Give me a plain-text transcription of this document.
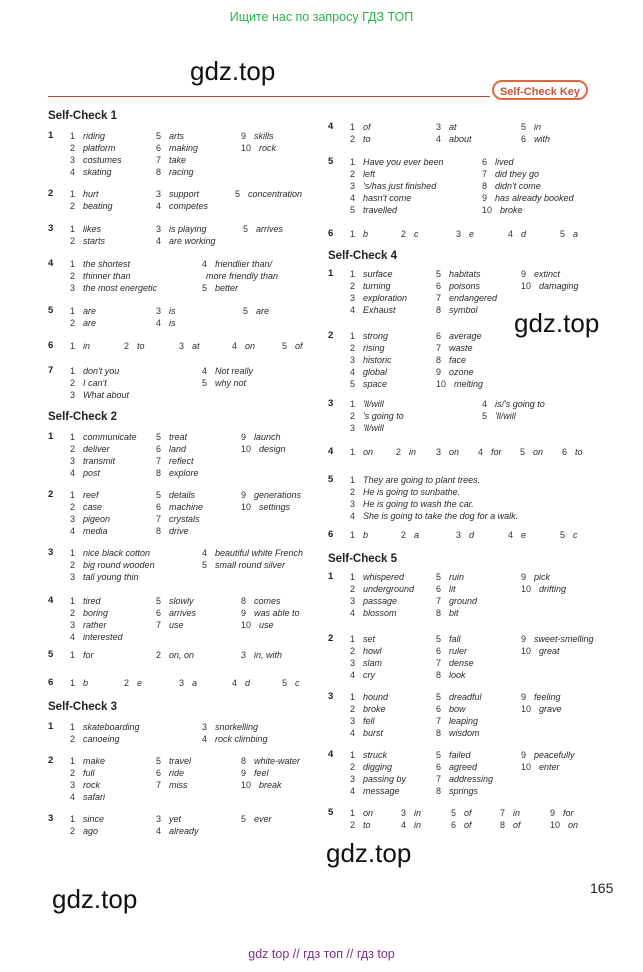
Ищите нас по запросу ГДЗ ТОП
gdz.top
gdz.top
gdz.top
gdz.top
Self-Check Key
Self-Check 1
1 1 riding	5 arts	9 skills
2 platform	6 making	10 rock
3 costumes	7 take
4 skating	8 racing
2 1 hurt	3 support	5 concentration
2 beating	4 competes
3 1 likes	3 is playing	5 arrives
2 starts	4 are working
4 1 the shortest	4 friendlier than/
2 thinner than	more friendly than
3 the most energetic	5 better
5 1 are	3 is	5 are
2 are	4 is
6 1 in	2 to	3 at	4 on	5 of
7 1 don't you	4 Not really
2 I can't	5 why not
3 What about
Self-Check 2
1 1 communicate 5 treat	9 launch
2 deliver	6 land	10 design
3 transmit	7 reflect
4 post	8 explore
2 1 reef	5 details	9 generations
2 case	6 machine	10 settings
3 pigeon	7 crystals
4 media	8 drive
3 1 nice black cotton	4 beautiful white French
2 big round wooden	5 small round silver
3 tall young thin
4 1 tired	5 slowly	8 comes
2 boring	6 arrives	9 was able to
3 rather	7 use	10 use
4 interested
5 1 for	2 on, on	3 in, with
6 1 b	2 e	3 a	4 d	5 c
Self-Check 3
1 1 skateboarding	3 snorkelling
2 canoeing	4 rock climbing
2 1 make	5 travel	8 white-water
2 full	6 ride	9 feel
3 rock	7 miss	10 break
4 safari
3 1 since	3 yet	5 ever
2 ago	4 already
4 1 of	3 at	5 in
2 to	4 about	6 with
5 1 Have you ever been	6 lived
2 left	7 did they go
3 's/has just finished	8 didn't come
4 hasn't come	9 has already booked
5 travelled	10 broke
6 1 b	2 c	3 e	4 d	5 a
Self-Check 4
1 1 surface	5 habitats	9 extinct
2 turning	6 poisons	10 damaging
3 exploration	7 endangered
4 Exhaust	8 symbol
2 1 strong	6 average
2 rising	7 waste
3 historic	8 face
4 global	9 ozone
5 space	10 melting
3 1 'll/will	4 is/'s going to
2 's going to	5 'll/will
3 'll/will
4 1 on	2 in 3 on 4 for 5 on 6 to
5 1 They are going to plant trees.
2 He is going to sunbathe.
3 He is going to wash the car.
4 She is going to take the dog for a walk.
6 1 b	2 a	3 d	4 e	5 c
Self-Check 5
1 1 whispered	5 ruin	9 pick
2 underground 6 lit	10 drifting
3 passage	7 ground
4 blossom	8 bit
2 1 set	5 fall	9 sweet-smelling
2 howl	6 ruler	10 great
3 slam	7 dense
4 cry	8 look
3 1 hound	5 dreadful	9 feeling
2 broke	6 bow	10 grave
3 fell	7 leaping
4 burst	8 wisdom
4 1 struck	5 failed	9 peacefully
2 digging	6 agreed	10 enter
3 passing by	7 addressing
4 message	8 springs
5 1 on	3 in	5 of	7 in	9 for
2 to	4 in	6 of	8 of	10 on
165
gdz top // гдз топ // гдз top
